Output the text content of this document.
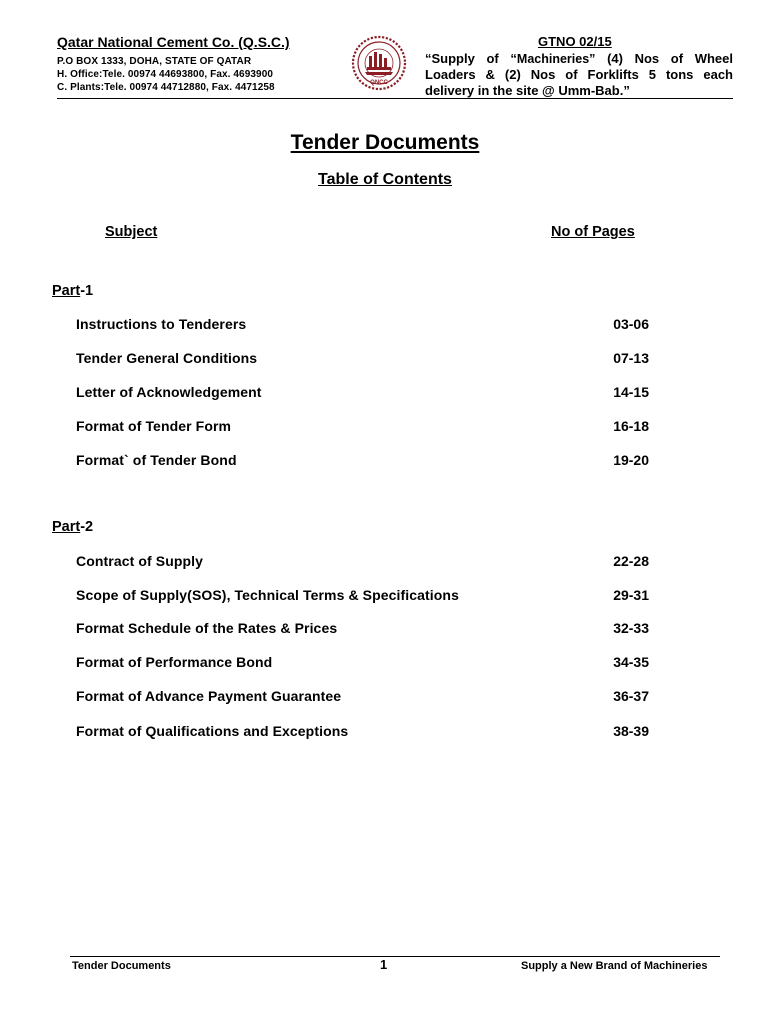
Qatar National Cement Co. (Q.S.C.)
P.O BOX 1333, DOHA, STATE OF QATAR
H. Office:Tele. 00974 44693800, Fax. 4693900
C. Plants:Tele. 00974 44712880, Fax. 4471258	QNCC
GTNO 02/15
“Supply of “Machineries” (4) Nos of Wheel Loaders & (2) Nos of Forklifts 5 tons each delivery in the site @ Umm-Bab.”
Tender Documents
Table of Contents
Subject	No of Pages
Part-1
Instructions to Tenderers	03-06
Tender General Conditions	07-13
Letter of Acknowledgement	14-15
Format of Tender Form	16-18
Format` of Tender Bond	19-20
Part-2
Contract of Supply	22-28
Scope of Supply(SOS), Technical Terms & Specifications	29-31
Format Schedule of the Rates & Prices	32-33
Format of Performance Bond	34-35
Format of Advance Payment Guarantee	36-37
Format of Qualifications and Exceptions	38-39
Tender Documents	1	Supply a New Brand of Machineries
